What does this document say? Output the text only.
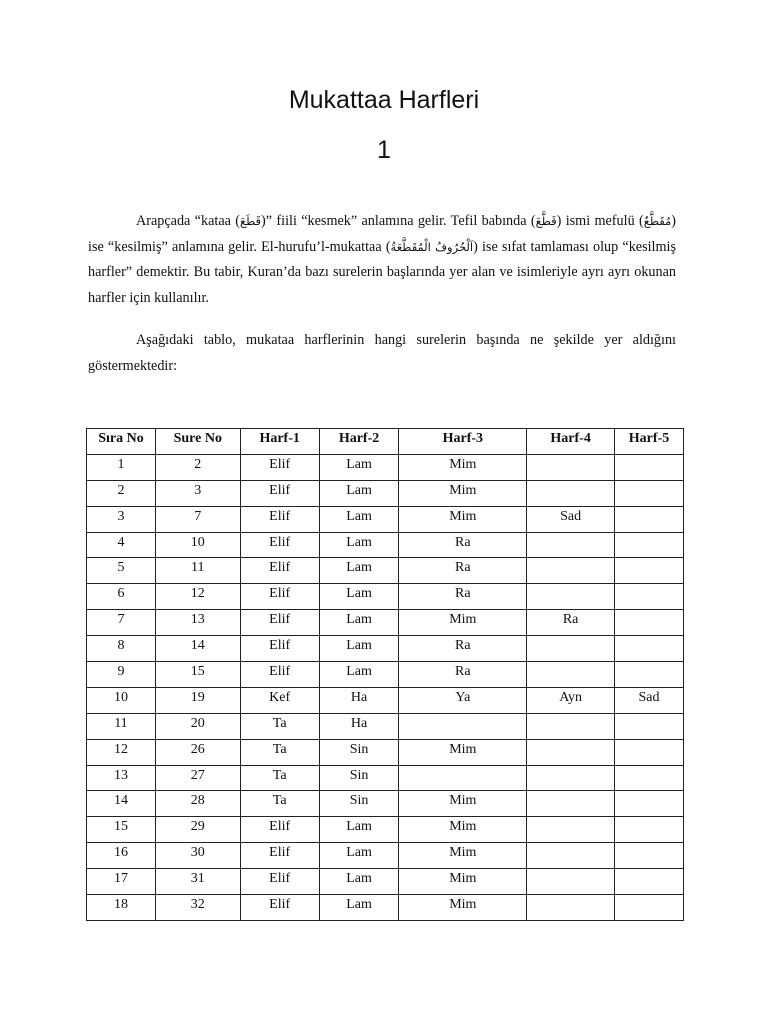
Mukattaa Harfleri
1

Arapçada “kataa (قَطَعَ)” fiili “kesmek” anlamına gelir. Tefil babında (قَطَّعَ) ismi mefulü (مُقَطَّعٌ) ise “kesilmiş” anlamına gelir. El-hurufu’l-mukattaa (اَلْحُرُوفُ الْمُقَطَّعَةُ) ise sıfat tamlaması olup “kesilmiş harfler” demektir. Bu tabir, Kuran’da bazı surelerin başlarında yer alan ve isimleriyle ayrı ayrı okunan harfler için kullanılır.

Aşağıdaki tablo, mukataa harflerinin hangi surelerin başında ne şekilde yer aldığını göstermektedir:

Sıra No	Sure No	Harf-1	Harf-2	Harf-3	Harf-4	Harf-5
1	2	Elif	Lam	Mim		
2	3	Elif	Lam	Mim		
3	7	Elif	Lam	Mim	Sad	
4	10	Elif	Lam	Ra		
5	11	Elif	Lam	Ra		
6	12	Elif	Lam	Ra		
7	13	Elif	Lam	Mim	Ra	
8	14	Elif	Lam	Ra		
9	15	Elif	Lam	Ra		
10	19	Kef	Ha	Ya	Ayn	Sad
11	20	Ta	Ha			
12	26	Ta	Sin	Mim		
13	27	Ta	Sin			
14	28	Ta	Sin	Mim		
15	29	Elif	Lam	Mim		
16	30	Elif	Lam	Mim		
17	31	Elif	Lam	Mim		
18	32	Elif	Lam	Mim		
